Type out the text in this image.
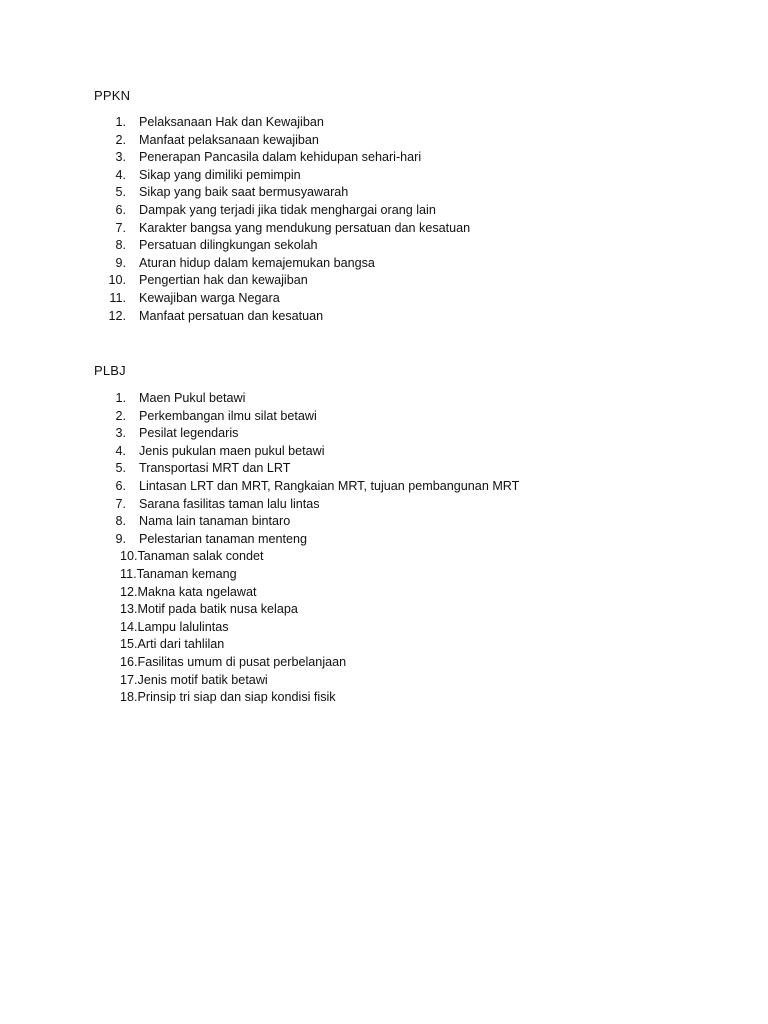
PPKN
1. Pelaksanaan Hak dan Kewajiban
2. Manfaat pelaksanaan kewajiban
3. Penerapan Pancasila dalam kehidupan sehari-hari
4. Sikap yang dimiliki pemimpin
5. Sikap yang baik saat bermusyawarah
6. Dampak yang terjadi jika tidak menghargai orang lain
7. Karakter bangsa yang mendukung persatuan dan kesatuan
8. Persatuan dilingkungan sekolah
9. Aturan hidup dalam kemajemukan bangsa
10. Pengertian hak dan kewajiban
11. Kewajiban warga Negara
12. Manfaat persatuan dan kesatuan
PLBJ
1. Maen Pukul betawi
2. Perkembangan ilmu silat betawi
3. Pesilat legendaris
4. Jenis pukulan maen pukul betawi
5. Transportasi MRT dan LRT
6. Lintasan LRT dan MRT, Rangkaian MRT, tujuan pembangunan MRT
7. Sarana fasilitas taman lalu lintas
8. Nama lain tanaman bintaro
9. Pelestarian tanaman menteng
10.Tanaman salak condet
11.Tanaman kemang
12.Makna kata ngelawat
13.Motif pada batik nusa kelapa
14.Lampu lalulintas
15.Arti dari tahlilan
16.Fasilitas umum di pusat perbelanjaan
17.Jenis motif batik betawi
18.Prinsip tri siap dan siap kondisi fisik
